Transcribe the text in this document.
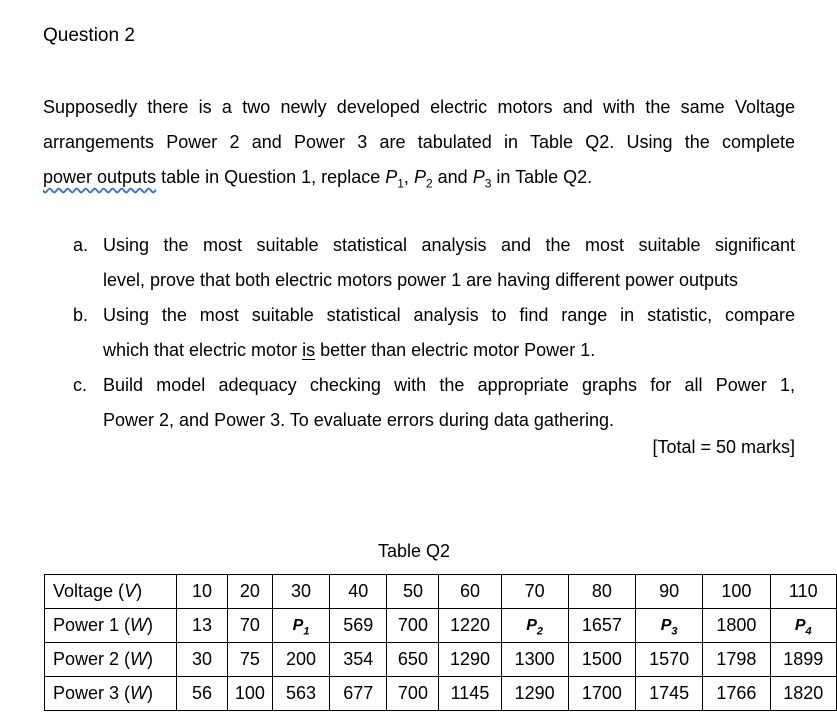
Question 2
Supposedly there is a two newly developed electric motors and with the same Voltage
arrangements Power 2 and Power 3 are tabulated in Table Q2. Using the complete
power outputs table in Question 1, replace $P_1$, $P_2$ and $P_3$ in Table Q2.
a. Using the most suitable statistical analysis and the most suitable significant
level, prove that both electric motors power 1 are having different power outputs
b. Using the most suitable statistical analysis to find range in statistic, compare
which that electric motor is better than electric motor Power 1.
c. Build model adequacy checking with the appropriate graphs for all Power 1,
Power 2, and Power 3. To evaluate errors during data gathering.
[Total = 50 marks]
Table Q2
Voltage (V)	10	20	30	40	50	60	70	80	90	100	110
Power 1 (W)	13	70	$P_1$	569	700	1220	$P_2$	1657	$P_3$	1800	$P_4$
Power 2 (W)	30	75	200	354	650	1290	1300	1500	1570	1798	1899
Power 3 (W)	56	100	563	677	700	1145	1290	1700	1745	1766	1820
